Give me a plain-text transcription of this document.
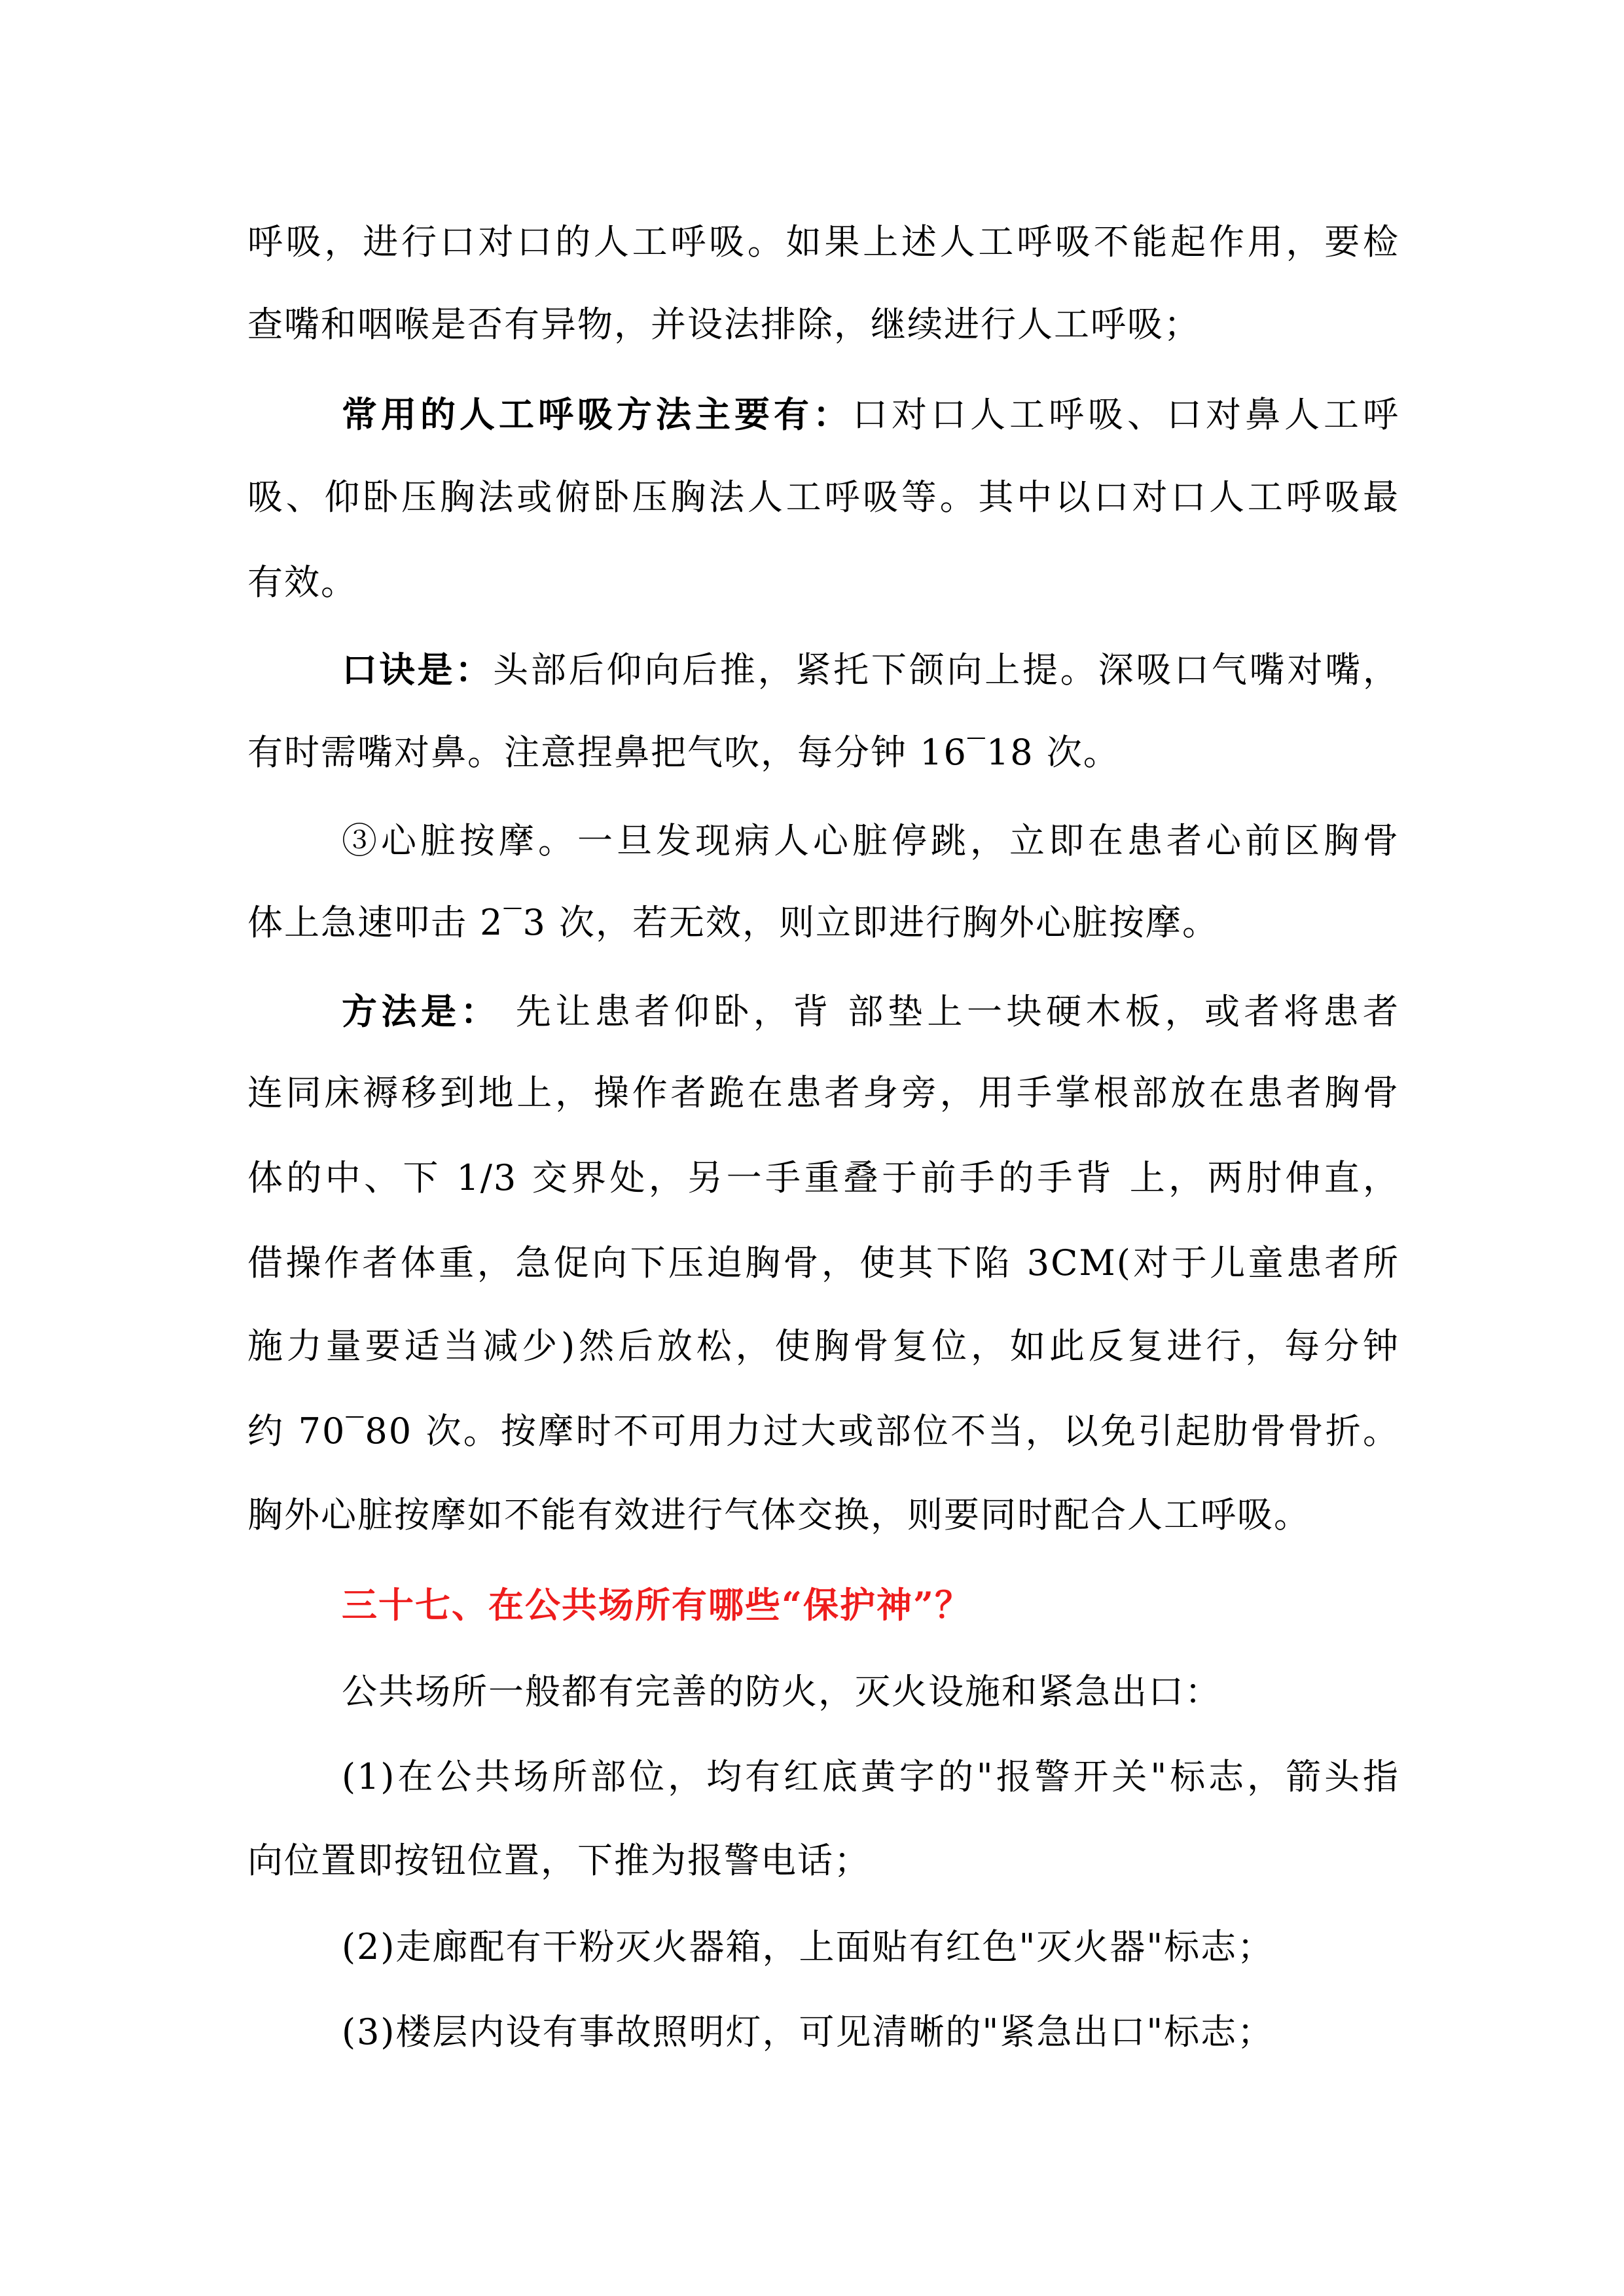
呼吸，进行口对口的人工呼吸。如果上述人工呼吸不能起作用，要检
查嘴和咽喉是否有异物，并设法排除，继续进行人工呼吸；
常用的人工呼吸方法主要有：口对口人工呼吸、口对鼻人工呼
吸、仰卧压胸法或俯卧压胸法人工呼吸等。其中以口对口人工呼吸最
有效。
口诀是：头部后仰向后推，紧托下颌向上提。深吸口气嘴对嘴，
有时需嘴对鼻。注意捏鼻把气吹，每分钟 16‾18 次。
③心脏按摩。一旦发现病人心脏停跳，立即在患者心前区胸骨
体上急速叩击 2‾3 次，若无效，则立即进行胸外心脏按摩。
方法是： 先让患者仰卧，背 部垫上一块硬木板，或者将患者
连同床褥移到地上，操作者跪在患者身旁，用手掌根部放在患者胸骨
体的中、下 1/3 交界处，另一手重叠于前手的手背 上，两肘伸直，
借操作者体重，急促向下压迫胸骨，使其下陷 3CM(对于儿童患者所
施力量要适当减少)然后放松，使胸骨复位，如此反复进行，每分钟
约 70‾80 次。按摩时不可用力过大或部位不当，以免引起肋骨骨折。
胸外心脏按摩如不能有效进行气体交换，则要同时配合人工呼吸。
三十七、在公共场所有哪些“保护神”？
公共场所一般都有完善的防火，灭火设施和紧急出口：
(1)在公共场所部位，均有红底黄字的"报警开关"标志，箭头指
向位置即按钮位置，下推为报警电话；
(2)走廊配有干粉灭火器箱，上面贴有红色"灭火器"标志；
(3)楼层内设有事故照明灯，可见清晰的"紧急出口"标志；
